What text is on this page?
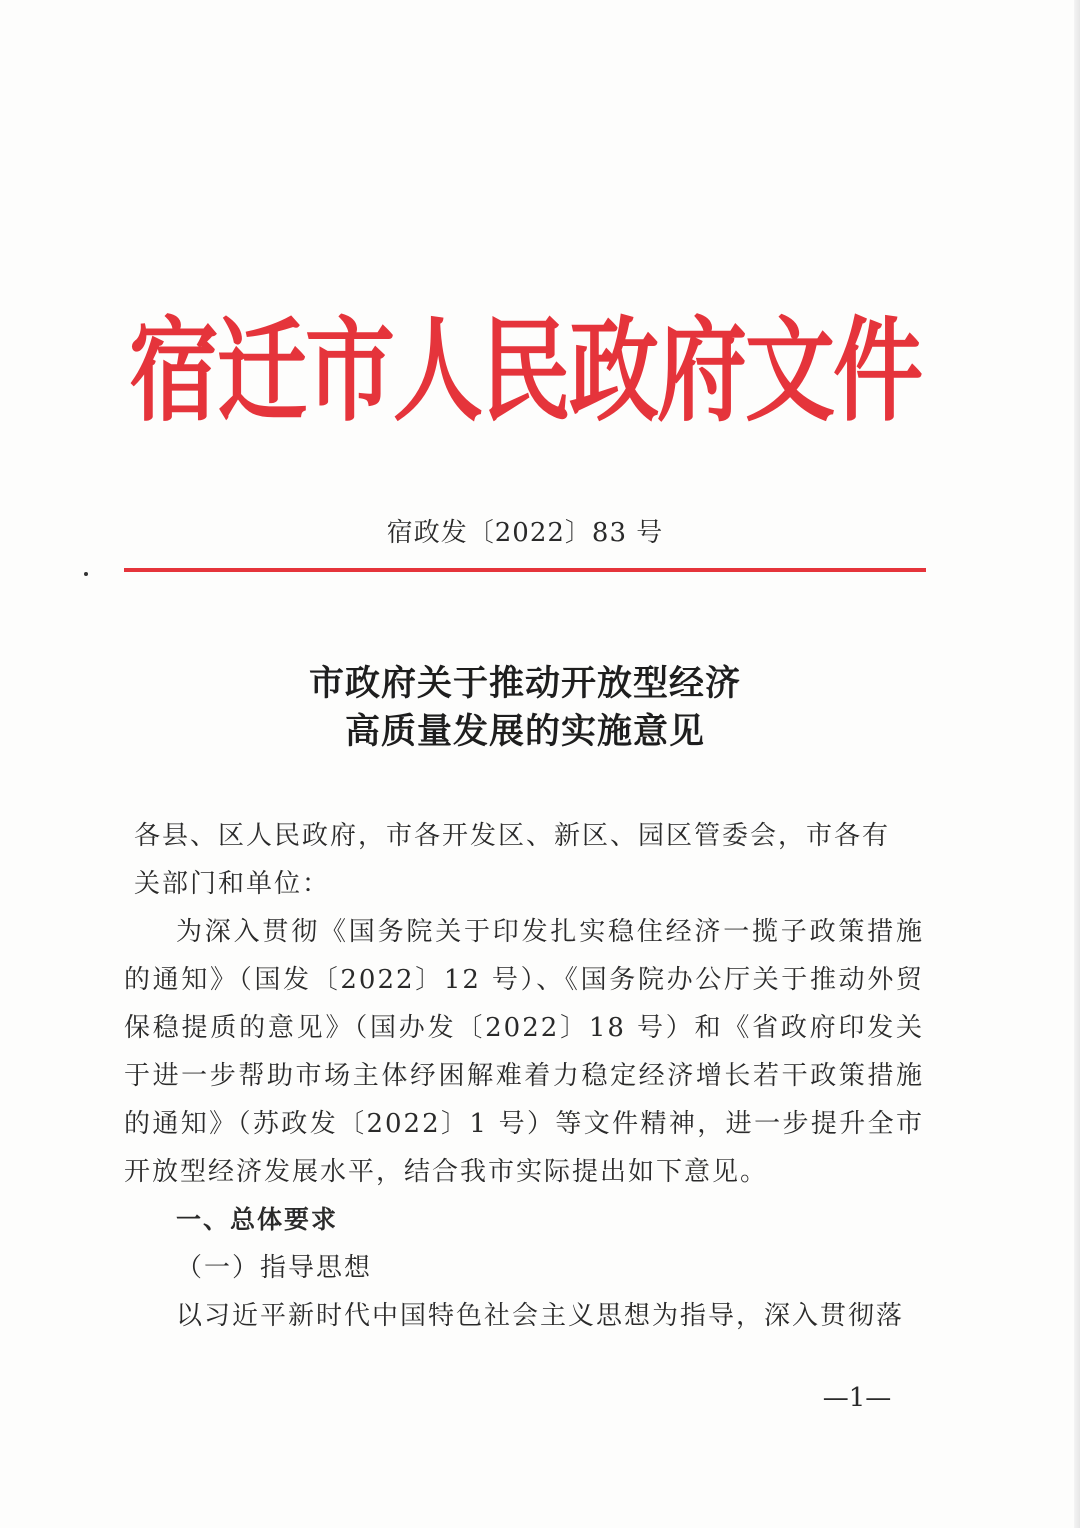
宿迁市人民政府文件
宿政发〔2022〕83 号
市政府关于推动开放型经济
高质量发展的实施意见

各县、区人民政府，市各开发区、新区、园区管委会，市各有

关部门和单位：

为深入贯彻《国务院关于印发扎实稳住经济一揽子政策措施的通知》（国发〔2022〕12 号）、《国务院办公厅关于推动外贸保稳提质的意见》（国办发〔2022〕18 号）和《省政府印发关于进一步帮助市场主体纾困解难着力稳定经济增长若干政策措施的通知》（苏政发〔2022〕1 号）等文件精神，进一步提升全市开放型经济发展水平，结合我市实际提出如下意见。

一、总体要求

（一）指导思想

以习近平新时代中国特色社会主义思想为指导，深入贯彻落

—1—
